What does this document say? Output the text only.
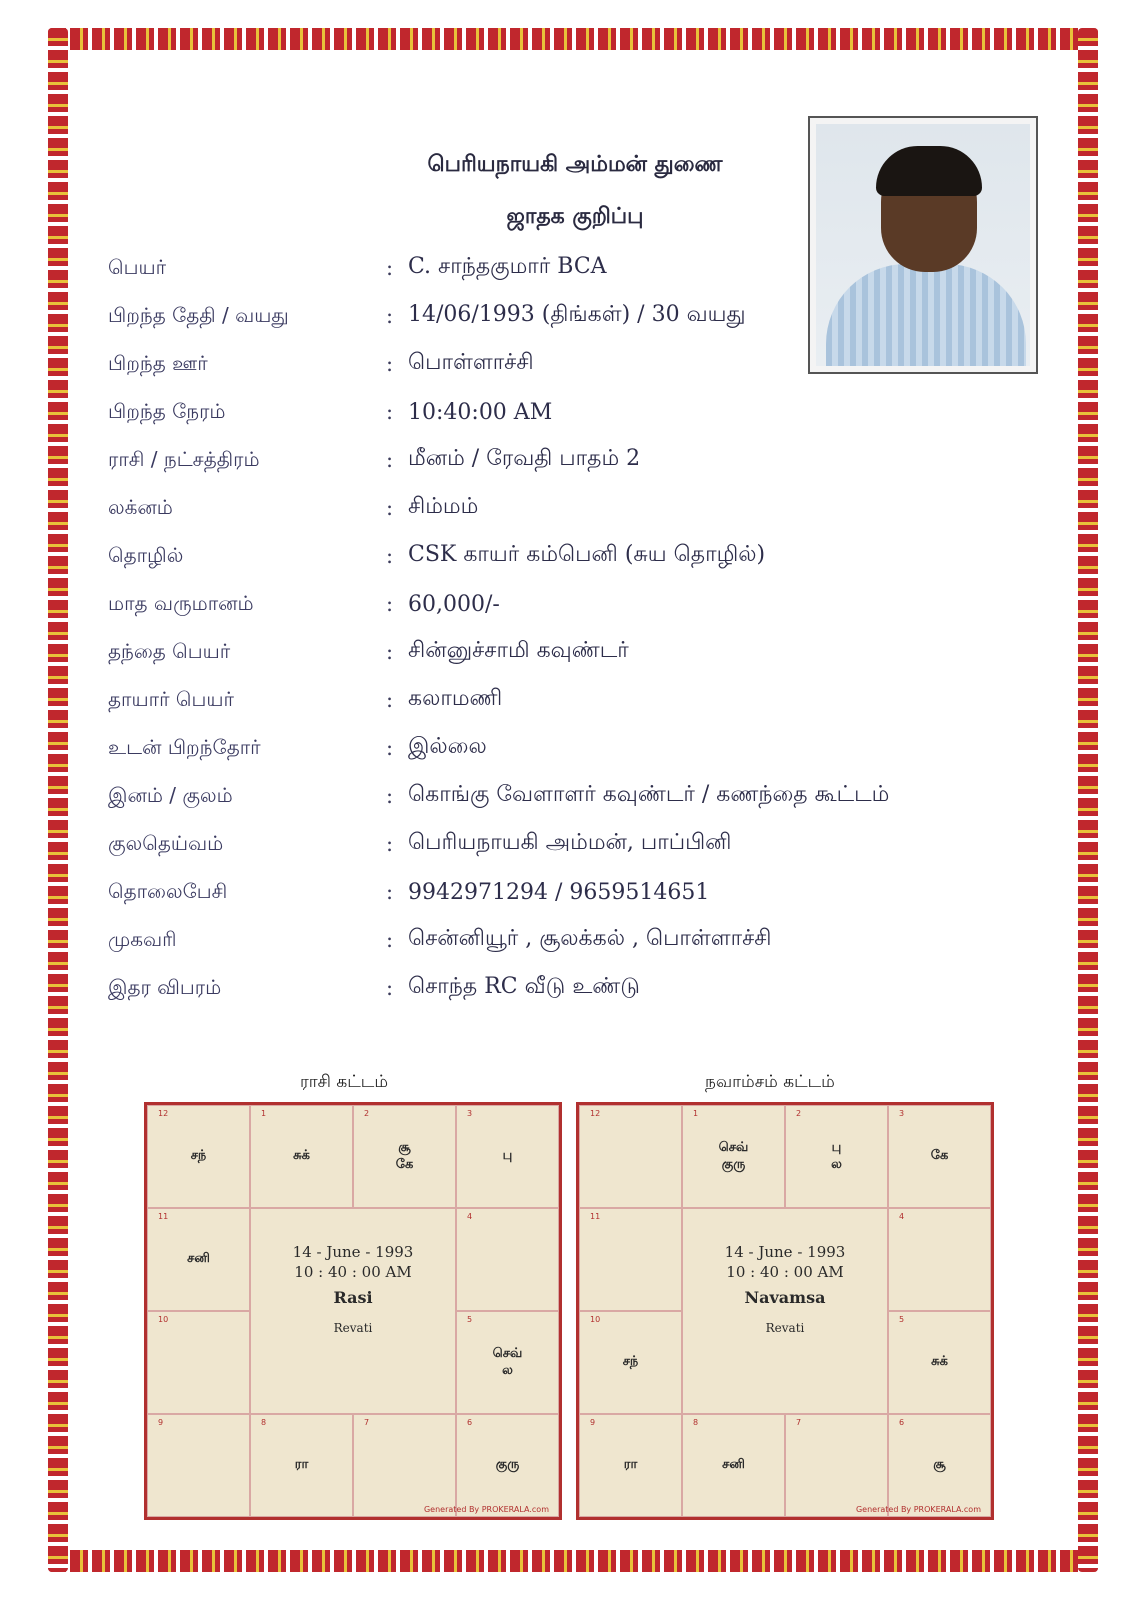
பெரியநாயகி அம்மன் துணை
ஜாதக குறிப்பு
பெயர்	: C. சாந்தகுமார் BCA
பிறந்த தேதி / வயது	: 14/06/1993 (திங்கள்) / 30 வயது
பிறந்த ஊர்	: பொள்ளாச்சி
பிறந்த நேரம்	: 10:40:00 AM
ராசி / நட்சத்திரம்	: மீனம் / ரேவதி பாதம் 2
லக்னம்	: சிம்மம்
தொழில்	: CSK காயர் கம்பெனி (சுய தொழில்)
மாத வருமானம்	: 60,000/-
தந்தை பெயர்	: சின்னுச்சாமி கவுண்டர்
தாயார் பெயர்	: கலாமணி
உடன் பிறந்தோர்	: இல்லை
இனம் / குலம்	: கொங்கு வேளாளர் கவுண்டர் / கணந்தை கூட்டம்
குலதெய்வம்	: பெரியநாயகி அம்மன், பாப்பினி
தொலைபேசி	: 9942971294 / 9659514651
முகவரி	: சென்னியூர் , சூலக்கல் , பொள்ளாச்சி
இதர விபரம்	: சொந்த RC வீடு உண்டு
ராசி கட்டம்
12
சந்
1
சுக்
2
சூ
கே
3
பு
11
சனி	14 - June - 1993
10 : 40 : 00 AM
Rasi
Revati
4
10	5
செவ்
ல
9	8
ரா
7	6
குரு
Generated By PROKERALA.com
நவாம்சம் கட்டம்
12	1
செவ்
குரு
2
பு
ல
3
கே
11
14 - June - 1993
10 : 40 : 00 AM
Navamsa
Revati
4
10
சந்
5
சுக்
9
ரா
8
சனி
7	6
சூ
Generated By PROKERALA.com
